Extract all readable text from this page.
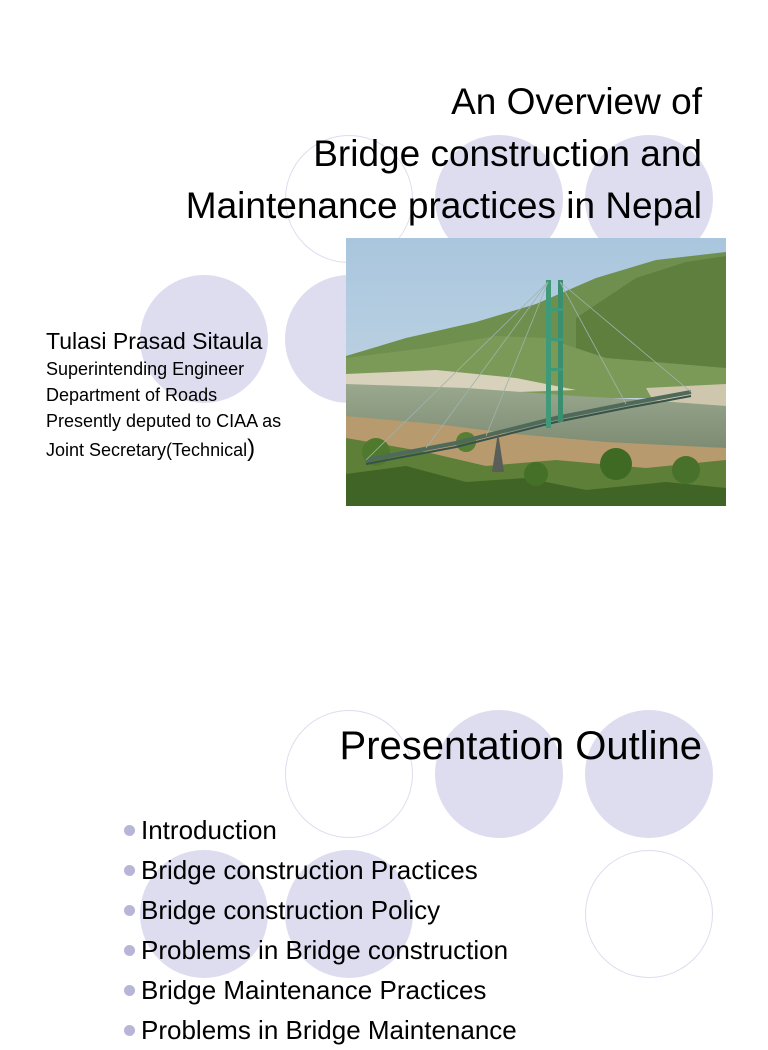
An Overview of
Bridge construction and
Maintenance practices in Nepal
Tulasi Prasad Sitaula
Superintending Engineer
Department of Roads
Presently deputed to CIAA as
Joint Secretary(Technical)
Presentation Outline
Introduction
Bridge construction Practices
Bridge construction Policy
Problems in Bridge construction
Bridge Maintenance Practices
Problems in Bridge Maintenance
